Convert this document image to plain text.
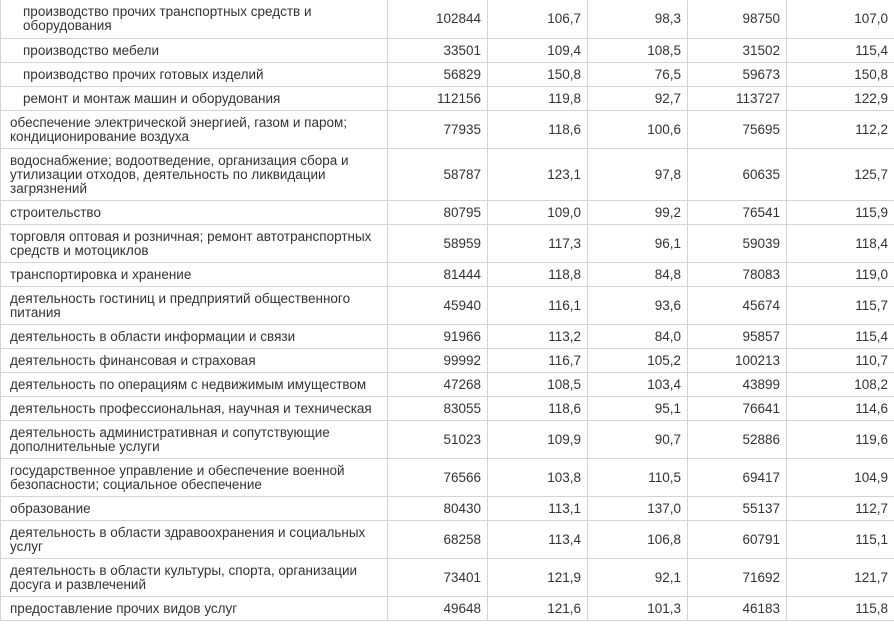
производство прочих транспортных средств и оборудования	102844	106,7	98,3	98750	107,0
производство мебели	33501	109,4	108,5	31502	115,4
производство прочих готовых изделий	56829	150,8	76,5	59673	150,8
ремонт и монтаж машин и оборудования	112156	119,8	92,7	113727	122,9
обеспечение электрической энергией, газом и паром; кондиционирование воздуха	77935	118,6	100,6	75695	112,2
водоснабжение; водоотведение, организация сбора и утилизации отходов, деятельность по ликвидации загрязнений	58787	123,1	97,8	60635	125,7
строительство	80795	109,0	99,2	76541	115,9
торговля оптовая и розничная; ремонт автотранспортных средств и мотоциклов	58959	117,3	96,1	59039	118,4
транспортировка и хранение	81444	118,8	84,8	78083	119,0
деятельность гостиниц и предприятий общественного питания	45940	116,1	93,6	45674	115,7
деятельность в области информации и связи	91966	113,2	84,0	95857	115,4
деятельность финансовая и страховая	99992	116,7	105,2	100213	110,7
деятельность по операциям с недвижимым имуществом	47268	108,5	103,4	43899	108,2
деятельность профессиональная, научная и техническая	83055	118,6	95,1	76641	114,6
деятельность административная и сопутствующие дополнительные услуги	51023	109,9	90,7	52886	119,6
государственное управление и обеспечение военной безопасности; социальное обеспечение	76566	103,8	110,5	69417	104,9
образование	80430	113,1	137,0	55137	112,7
деятельность в области здравоохранения и социальных услуг	68258	113,4	106,8	60791	115,1
деятельность в области культуры, спорта, организации досуга и развлечений	73401	121,9	92,1	71692	121,7
предоставление прочих видов услуг	49648	121,6	101,3	46183	115,8
